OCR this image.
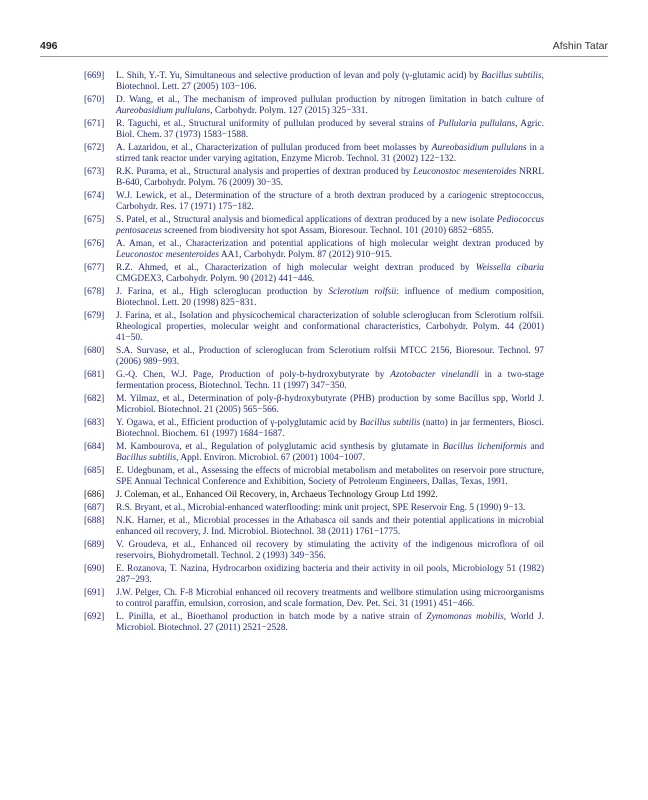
496	Afshin Tatar
[669] L. Shih, Y.-T. Yu, Simultaneous and selective production of levan and poly (γ-glutamic acid) by Bacillus subtilis, Biotechnol. Lett. 27 (2005) 103−106.
[670] D. Wang, et al., The mechanism of improved pullulan production by nitrogen limitation in batch culture of Aureobasidium pullulans, Carbohydr. Polym. 127 (2015) 325−331.
[671] R. Taguchi, et al., Structural uniformity of pullulan produced by several strains of Pullularia pullulans, Agric. Biol. Chem. 37 (1973) 1583−1588.
[672] A. Lazaridou, et al., Characterization of pullulan produced from beet molasses by Aureobasidium pullulans in a stirred tank reactor under varying agitation, Enzyme Microb. Technol. 31 (2002) 122−132.
[673] R.K. Purama, et al., Structural analysis and properties of dextran produced by Leuconostoc mesenteroides NRRL B-640, Carbohydr. Polym. 76 (2009) 30−35.
[674] W.J. Lewick, et al., Determination of the structure of a broth dextran produced by a cariogenic streptococcus, Carbohydr. Res. 17 (1971) 175−182.
[675] S. Patel, et al., Structural analysis and biomedical applications of dextran produced by a new isolate Pediococcus pentosaceus screened from biodiversity hot spot Assam, Bioresour. Technol. 101 (2010) 6852−6855.
[676] A. Aman, et al., Characterization and potential applications of high molecular weight dextran produced by Leuconostoc mesenteroides AA1, Carbohydr. Polym. 87 (2012) 910−915.
[677] R.Z. Ahmed, et al., Characterization of high molecular weight dextran produced by Weissella cibaria CMGDEX3, Carbohydr. Polym. 90 (2012) 441−446.
[678] J. Farina, et al., High scleroglucan production by Sclerotium rolfsii: influence of medium composition, Biotechnol. Lett. 20 (1998) 825−831.
[679] J. Farina, et al., Isolation and physicochemical characterization of soluble scleroglucan from Sclerotium rolfsii. Rheological properties, molecular weight and conformational characteristics, Carbohydr. Polym. 44 (2001) 41−50.
[680] S.A. Survase, et al., Production of scleroglucan from Sclerotium rolfsii MTCC 2156, Bioresour. Technol. 97 (2006) 989−993.
[681] G.-Q. Chen, W.J. Page, Production of poly-b-hydroxybutyrate by Azotobacter vinelandii in a two-stage fermentation process, Biotechnol. Techn. 11 (1997) 347−350.
[682] M. Yilmaz, et al., Determination of poly-β-hydroxybutyrate (PHB) production by some Bacillus spp, World J. Microbiol. Biotechnol. 21 (2005) 565−566.
[683] Y. Ogawa, et al., Efficient production of γ-polyglutamic acid by Bacillus subtilis (natto) in jar fermenters, Biosci. Biotechnol. Biochem. 61 (1997) 1684−1687.
[684] M. Kambourova, et al., Regulation of polyglutamic acid synthesis by glutamate in Bacillus licheniformis and Bacillus subtilis, Appl. Environ. Microbiol. 67 (2001) 1004−1007.
[685] E. Udegbunam, et al., Assessing the effects of microbial metabolism and metabolites on reservoir pore structure, SPE Annual Technical Conference and Exhibition, Society of Petroleum Engineers, Dallas, Texas, 1991.
[686] J. Coleman, et al., Enhanced Oil Recovery, in, Archaeus Technology Group Ltd 1992.
[687] R.S. Bryant, et al., Microbial-enhanced waterflooding: mink unit project, SPE Reservoir Eng. 5 (1990) 9−13.
[688] N.K. Harner, et al., Microbial processes in the Athabasca oil sands and their potential applications in microbial enhanced oil recovery, J. Ind. Microbiol. Biotechnol. 38 (2011) 1761−1775.
[689] V. Groudeva, et al., Enhanced oil recovery by stimulating the activity of the indigenous microflora of oil reservoirs, Biohydrometall. Technol. 2 (1993) 349−356.
[690] E. Rozanova, T. Nazina, Hydrocarbon oxidizing bacteria and their activity in oil pools, Microbiology 51 (1982) 287−293.
[691] J.W. Pelger, Ch. F-8 Microbial enhanced oil recovery treatments and wellbore stimulation using microorganisms to control paraffin, emulsion, corrosion, and scale formation, Dev. Pet. Sci. 31 (1991) 451−466.
[692] L. Pinilla, et al., Bioethanol production in batch mode by a native strain of Zymomonas mobilis, World J. Microbiol. Biotechnol. 27 (2011) 2521−2528.
